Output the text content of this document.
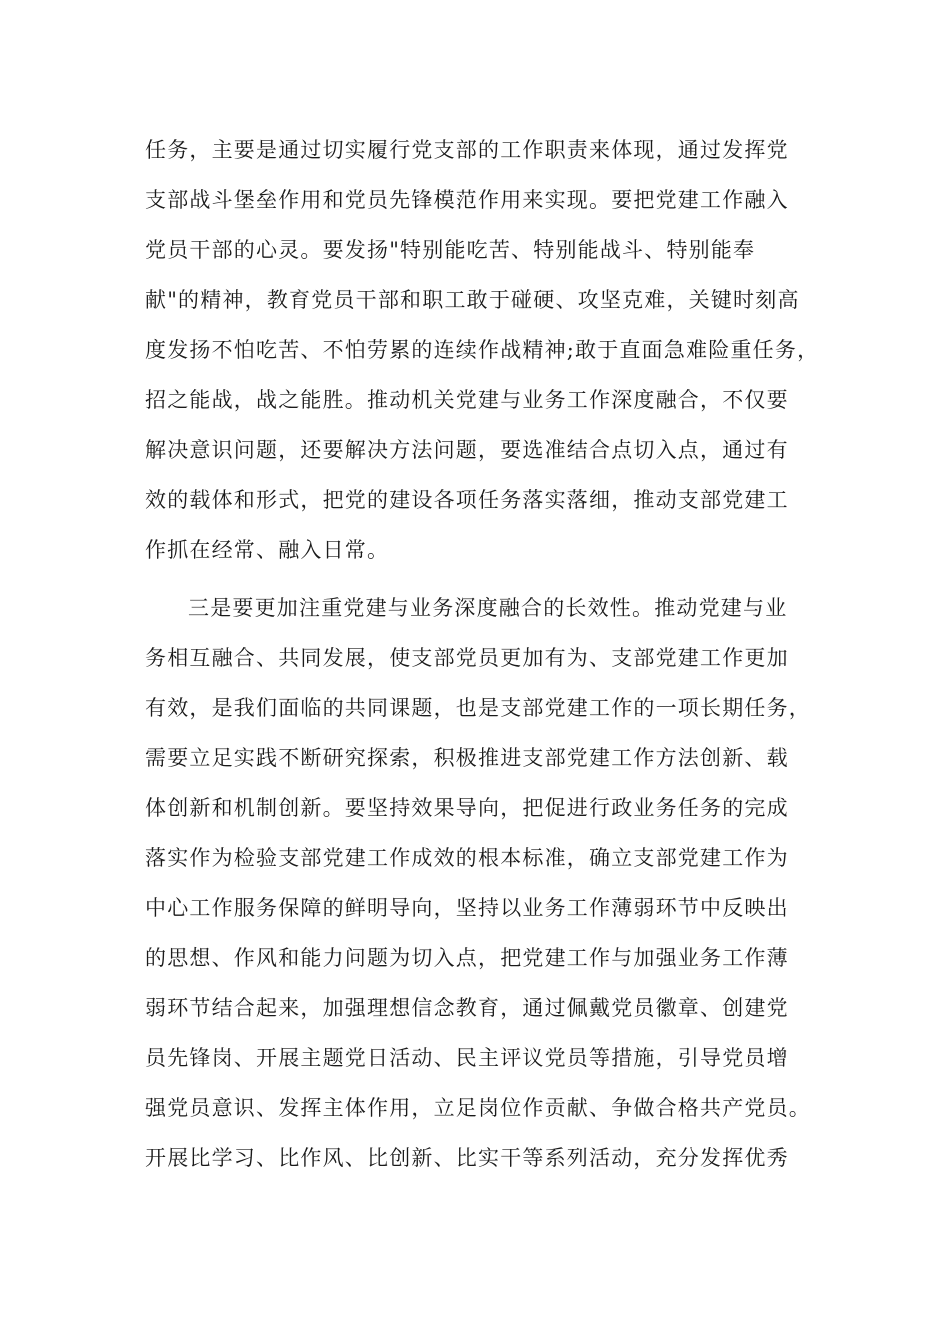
任务，主要是通过切实履行党支部的工作职责来体现，通过发挥党
支部战斗堡垒作用和党员先锋模范作用来实现。要把党建工作融入
党员干部的心灵。要发扬"特别能吃苦、特别能战斗、特别能奉
献"的精神，教育党员干部和职工敢于碰硬、攻坚克难，关键时刻高
度发扬不怕吃苦、不怕劳累的连续作战精神;敢于直面急难险重任务，
招之能战，战之能胜。推动机关党建与业务工作深度融合，不仅要
解决意识问题，还要解决方法问题，要选准结合点切入点，通过有
效的载体和形式，把党的建设各项任务落实落细，推动支部党建工
作抓在经常、融入日常。
三是要更加注重党建与业务深度融合的长效性。推动党建与业
务相互融合、共同发展，使支部党员更加有为、支部党建工作更加
有效，是我们面临的共同课题，也是支部党建工作的一项长期任务，
需要立足实践不断研究探索，积极推进支部党建工作方法创新、载
体创新和机制创新。要坚持效果导向，把促进行政业务任务的完成
落实作为检验支部党建工作成效的根本标准，确立支部党建工作为
中心工作服务保障的鲜明导向，坚持以业务工作薄弱环节中反映出
的思想、作风和能力问题为切入点，把党建工作与加强业务工作薄
弱环节结合起来，加强理想信念教育，通过佩戴党员徽章、创建党
员先锋岗、开展主题党日活动、民主评议党员等措施，引导党员增
强党员意识、发挥主体作用，立足岗位作贡献、争做合格共产党员。
开展比学习、比作风、比创新、比实干等系列活动，充分发挥优秀
